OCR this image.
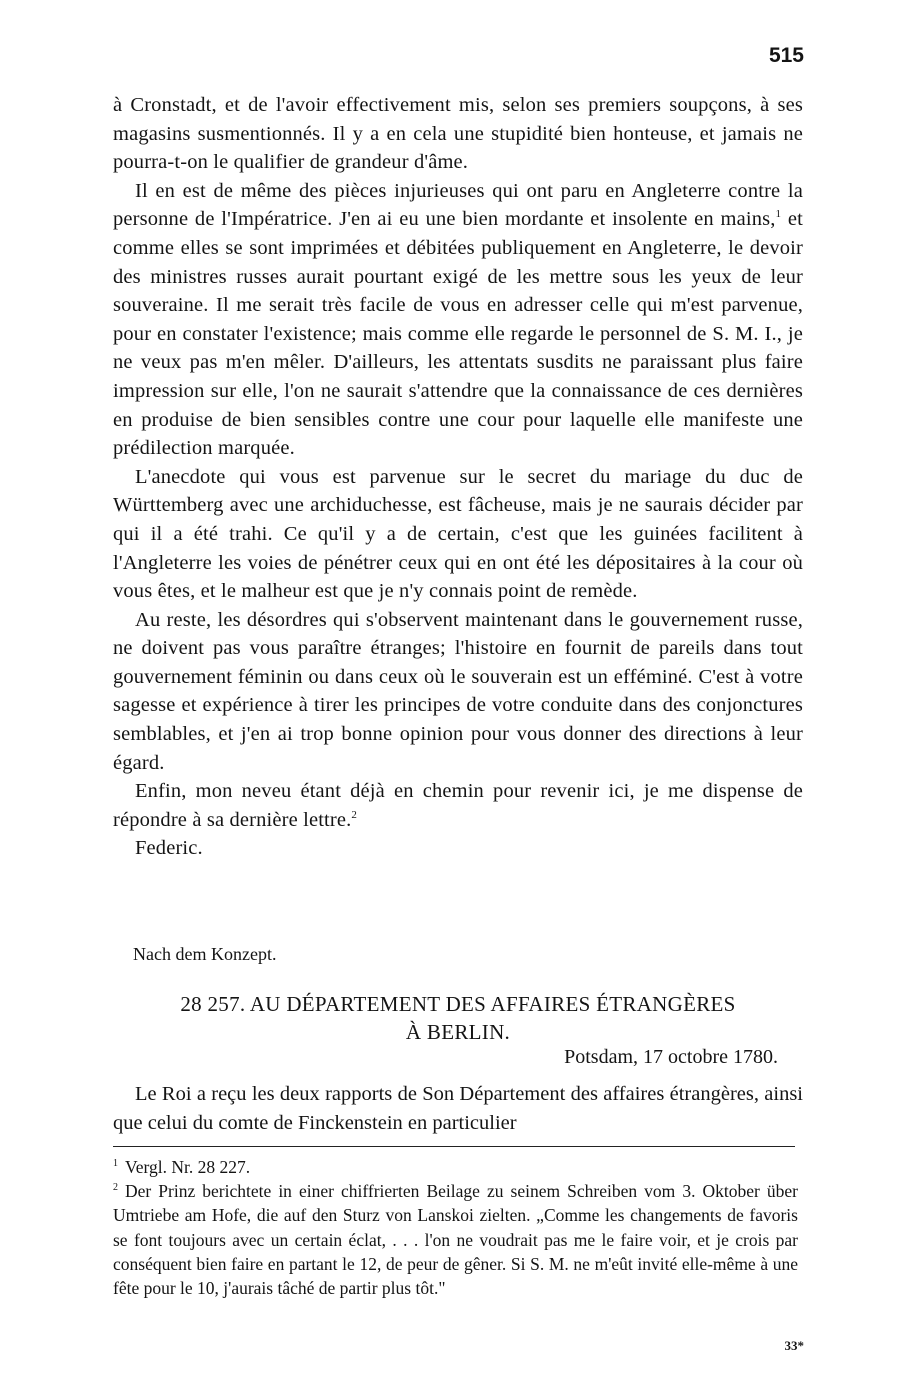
515

à Cronstadt, et de l'avoir effectivement mis, selon ses premiers soupçons, à ses magasins susmentionnés. Il y a en cela une stupidité bien honteuse, et jamais ne pourra-t-on le qualifier de grandeur d'âme.

Il en est de même des pièces injurieuses qui ont paru en Angleterre contre la personne de l'Impératrice. J'en ai eu une bien mordante et insolente en mains,$^1$ et comme elles se sont imprimées et débitées publiquement en Angleterre, le devoir des ministres russes aurait pourtant exigé de les mettre sous les yeux de leur souveraine. Il me serait très facile de vous en adresser celle qui m'est parvenue, pour en constater l'existence; mais comme elle regarde le personnel de S. M. I., je ne veux pas m'en mêler. D'ailleurs, les attentats susdits ne paraissant plus faire impression sur elle, l'on ne saurait s'attendre que la connaissance de ces dernières en produise de bien sensibles contre une cour pour laquelle elle manifeste une prédilection marquée.

L'anecdote qui vous est parvenue sur le secret du mariage du duc de Württemberg avec une archiduchesse, est fâcheuse, mais je ne saurais décider par qui il a été trahi. Ce qu'il y a de certain, c'est que les guinées facilitent à l'Angleterre les voies de pénétrer ceux qui en ont été les dépositaires à la cour où vous êtes, et le malheur est que je n'y connais point de remède.

Au reste, les désordres qui s'observent maintenant dans le gouvernement russe, ne doivent pas vous paraître étranges; l'histoire en fournit de pareils dans tout gouvernement féminin ou dans ceux où le souverain est un efféminé. C'est à votre sagesse et expérience à tirer les principes de votre conduite dans des conjonctures semblables, et j'en ai trop bonne opinion pour vous donner des directions à leur égard.

Enfin, mon neveu étant déjà en chemin pour revenir ici, je me dispense de répondre à sa dernière lettre.$^2$

Federic.

Nach dem Konzept.
28 257. AU DÉPARTEMENT DES AFFAIRES ÉTRANGÈRES
À BERLIN.
Potsdam, 17 octobre 1780.

Le Roi a reçu les deux rapports de Son Département des affaires étrangères, ainsi que celui du comte de Finckenstein en particulier

1 Vergl. Nr. 28 227.

2 Der Prinz berichtete in einer chiffrierten Beilage zu seinem Schreiben vom 3. Oktober über Umtriebe am Hofe, die auf den Sturz von Lanskoi zielten. „Comme les changements de favoris se font toujours avec un certain éclat, . . . l'on ne voudrait pas me le faire voir, et je crois par conséquent bien faire en partant le 12, de peur de gêner. Si S. M. ne m'eût invité elle-même à une fête pour le 10, j'aurais tâché de partir plus tôt."

33*
